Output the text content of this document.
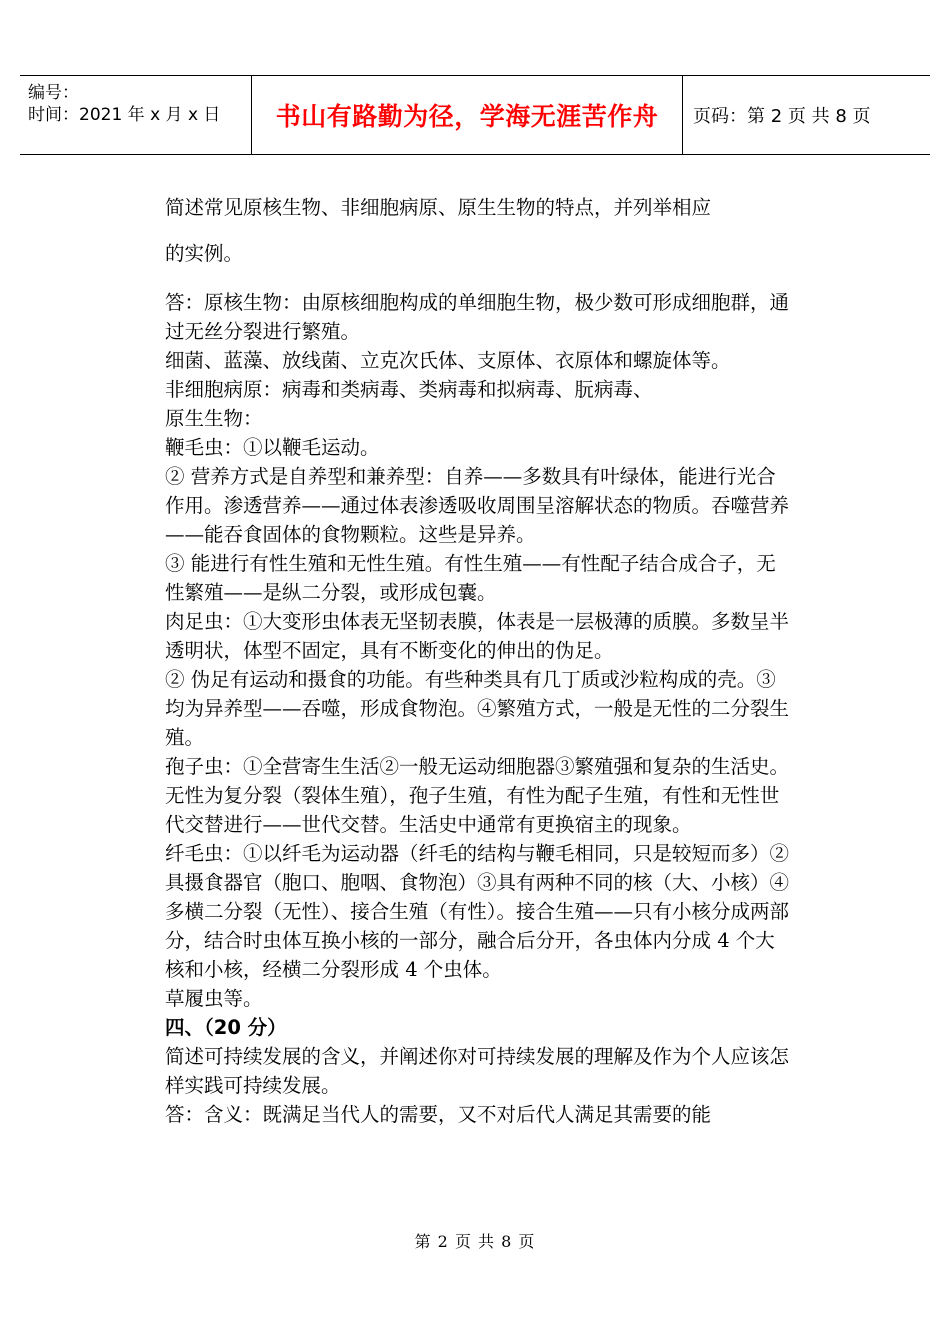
编号：
时间：2021 年 x 月 x 日	书山有路勤为径，学海无涯苦作舟 页码：第 2 页 共 8 页

简述常见原核生物、非细胞病原、原生生物的特点，并列举相应

的实例。

答：原核生物：由原核细胞构成的单细胞生物，极少数可形成细胞群，通过无丝分裂进行繁殖。

细菌、蓝藻、放线菌、立克次氏体、支原体、衣原体和螺旋体等。

非细胞病原：病毒和类病毒、类病毒和拟病毒、朊病毒、

原生生物：

鞭毛虫：①以鞭毛运动。

② 营养方式是自养型和兼养型：自养——多数具有叶绿体，能进行光合作用。渗透营养——通过体表渗透吸收周围呈溶解状态的物质。吞噬营养——能吞食固体的食物颗粒。这些是异养。

③ 能进行有性生殖和无性生殖。有性生殖——有性配子结合成合子，无性繁殖——是纵二分裂，或形成包囊。

肉足虫：①大变形虫体表无坚韧表膜，体表是一层极薄的质膜。多数呈半透明状，体型不固定，具有不断变化的伸出的伪足。

② 伪足有运动和摄食的功能。有些种类具有几丁质或沙粒构成的壳。③均为异养型——吞噬，形成食物泡。④繁殖方式，一般是无性的二分裂生殖。

孢子虫：①全营寄生生活②一般无运动细胞器③繁殖强和复杂的生活史。无性为复分裂（裂体生殖），孢子生殖，有性为配子生殖，有性和无性世代交替进行——世代交替。生活史中通常有更换宿主的现象。

纤毛虫：①以纤毛为运动器（纤毛的结构与鞭毛相同，只是较短而多）②具摄食器官（胞口、胞咽、食物泡）③具有两种不同的核（大、小核）④多横二分裂（无性）、接合生殖（有性）。接合生殖——只有小核分成两部分，结合时虫体互换小核的一部分，融合后分开，各虫体内分成 4 个大核和小核，经横二分裂形成 4 个虫体。

草履虫等。

四、（20 分）

简述可持续发展的含义，并阐述你对可持续发展的理解及作为个人应该怎样实践可持续发展。

答：含义：既满足当代人的需要，又不对后代人满足其需要的能

第 2 页 共 8 页
